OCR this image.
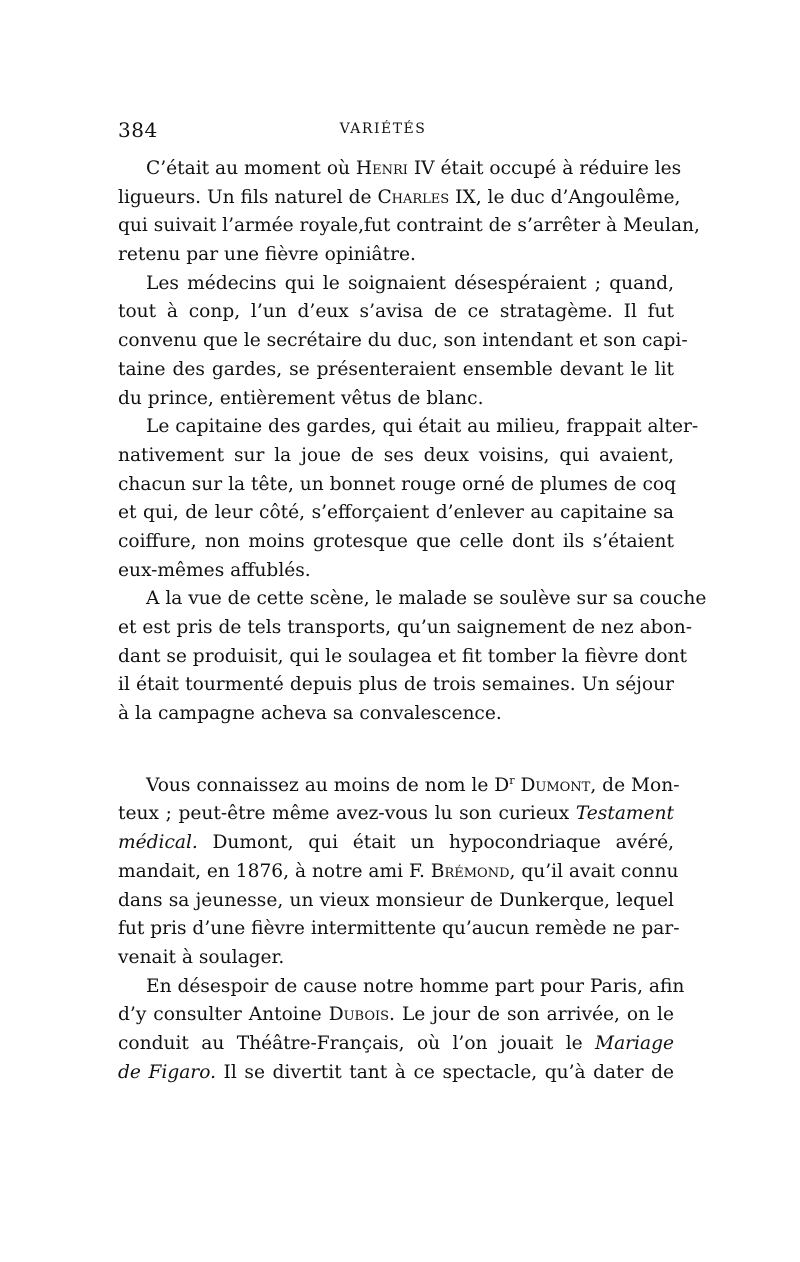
384	VARIÉTÉS
C’était au moment où Henri IV était occupé à réduire les
ligueurs. Un fils naturel de Charles IX, le duc d’Angoulême,
qui suivait l’armée royale,fut contraint de s’arrêter à Meulan,
retenu par une fièvre opiniâtre.
Les médecins qui le soignaient désespéraient ; quand,
tout à conp, l’un d’eux s’avisa de ce stratagème. Il fut
convenu que le secrétaire du duc, son intendant et son capi-
taine des gardes, se présenteraient ensemble devant le lit
du prince, entièrement vêtus de blanc.
Le capitaine des gardes, qui était au milieu, frappait alter-
nativement sur la joue de ses deux voisins, qui avaient,
chacun sur la tête, un bonnet rouge orné de plumes de coq
et qui, de leur côté, s’efforçaient d’enlever au capitaine sa
coiffure, non moins grotesque que celle dont ils s’étaient
eux-mêmes affublés.
A la vue de cette scène, le malade se soulève sur sa couche
et est pris de tels transports, qu’un saignement de nez abon-
dant se produisit, qui le soulagea et fit tomber la fièvre dont
il était tourmenté depuis plus de trois semaines. Un séjour
à la campagne acheva sa convalescence.
Vous connaissez au moins de nom le $D^r$ Dumont, de Mon-
teux ; peut-être même avez-vous lu son curieux Testament
médical. Dumont, qui était un hypocondriaque avéré,
mandait, en 1876, à notre ami F. Brémond, qu’il avait connu
dans sa jeunesse, un vieux monsieur de Dunkerque, lequel
fut pris d’une fièvre intermittente qu’aucun remède ne par-
venait à soulager.
En désespoir de cause notre homme part pour Paris, afin
d’y consulter Antoine Dubois. Le jour de son arrivée, on le
conduit au Théâtre-Français, où l’on jouait le Mariage
de Figaro. Il se divertit tant à ce spectacle, qu’à dater de
